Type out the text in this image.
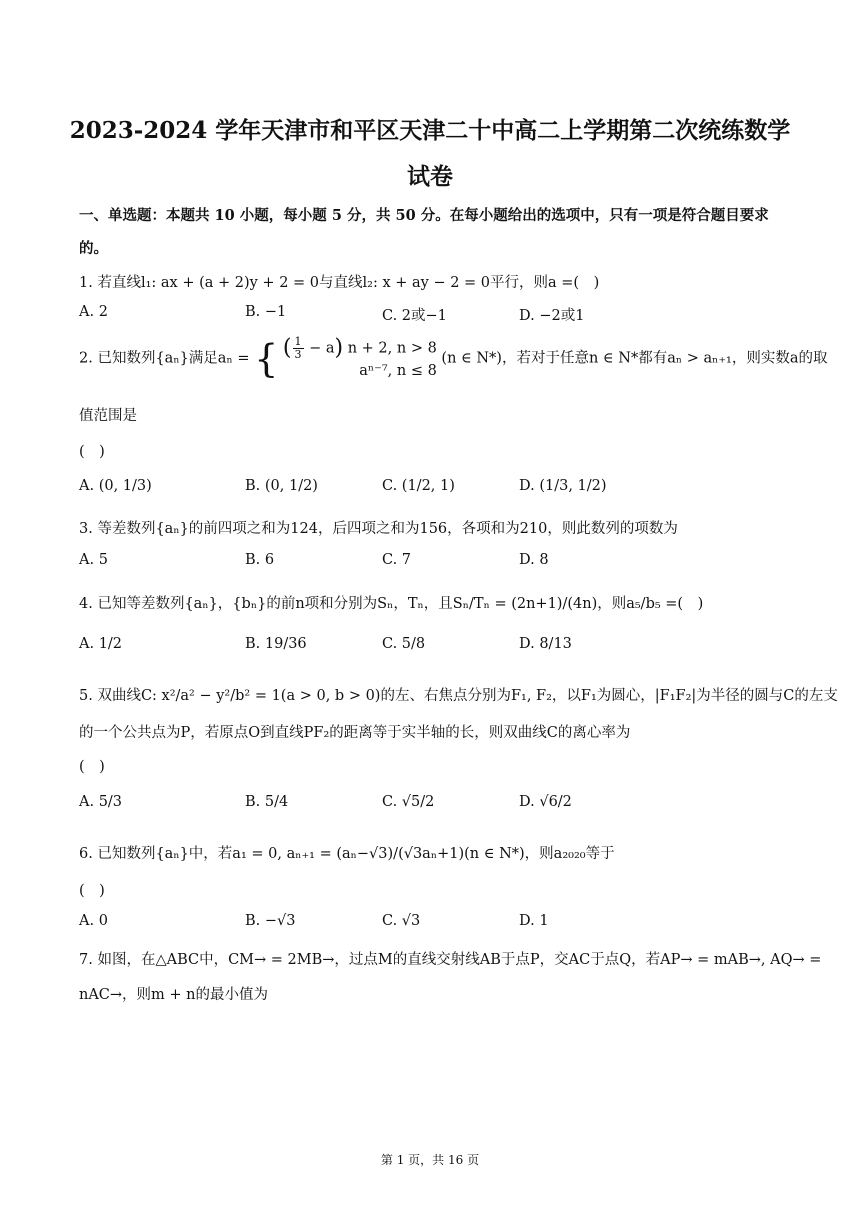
2023-2024 学年天津市和平区天津二十中高二上学期第二次统练数学
试卷
一、单选题：本题共 10 小题，每小题 5 分，共 50 分。在每小题给出的选项中，只有一项是符合题目要求
的。
1. 若直线l₁: ax + (a + 2)y + 2 = 0与直线l₂: x + ay − 2 = 0平行，则a =(　)
A. 2	B. −1	C. 2或−1	D. −2或1
2. 已知数列{aₙ}满足aₙ = { ( $\frac{1}{3} - a$) n + 2, n > 8
aⁿ⁻⁷, n ≤ 8
(n ∈ N*)，若对于任意n ∈ N*都有aₙ > aₙ₊₁，则实数a的取
值范围是
(　)
A. (0, 1/3)	B. (0, 1/2)	C. (1/2, 1)	D. (1/3, 1/2)
3. 等差数列{aₙ}的前四项之和为124，后四项之和为156，各项和为210，则此数列的项数为
A. 5	B. 6	C. 7	D. 8
4. 已知等差数列{aₙ}，{bₙ}的前n项和分别为Sₙ，Tₙ，且Sₙ/Tₙ = (2n+1)/(4n)，则a₅/b₅ =(　)
A. 1/2	B. 19/36	C. 5/8	D. 8/13
5. 双曲线C: x²/a² − y²/b² = 1(a > 0, b > 0)的左、右焦点分别为F₁, F₂，以F₁为圆心，|F₁F₂|为半径的圆与C的左支
的一个公共点为P，若原点O到直线PF₂的距离等于实半轴的长，则双曲线C的离心率为
(　)
A. 5/3	B. 5/4	C. √5/2	D. √6/2
6. 已知数列{aₙ}中，若a₁ = 0, aₙ₊₁ = (aₙ−√3)/(√3aₙ+1)(n ∈ N*)，则a₂₀₂₀等于
(　)
A. 0	B. −√3	C. √3	D. 1
7. 如图，在△ABC中，CM→ = 2MB→，过点M的直线交射线AB于点P，交AC于点Q，若AP→ = mAB→, AQ→ =
nAC→，则m + n的最小值为
第 1 页，共 16 页
